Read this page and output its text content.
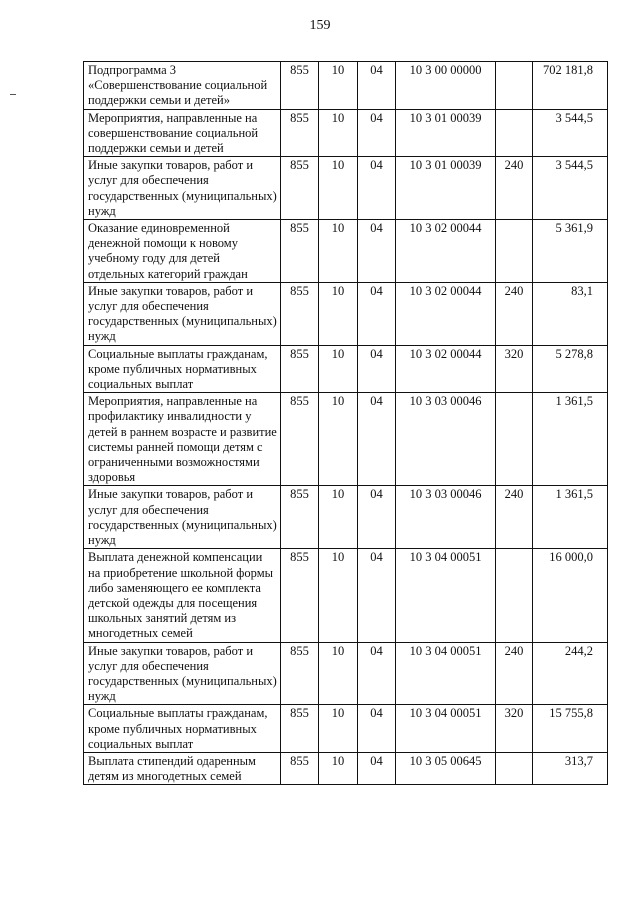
159
Подпрограмма 3 «Совершенствование социальной поддержки семьи и детей»	855	10	04	10 3 00 00000		702 181,8
Мероприятия, направленные на совершенствование социальной поддержки семьи и детей	855	10	04	10 3 01 00039		3 544,5
Иные закупки товаров, работ и услуг для обеспечения государственных (муниципальных) нужд	855	10	04	10 3 01 00039	240	3 544,5
Оказание единовременной денежной помощи к новому учебному году для детей отдельных категорий граждан	855	10	04	10 3 02 00044		5 361,9
Иные закупки товаров, работ и услуг для обеспечения государственных (муниципальных) нужд	855	10	04	10 3 02 00044	240	83,1
Социальные выплаты гражданам, кроме публичных нормативных социальных выплат	855	10	04	10 3 02 00044	320	5 278,8
Мероприятия, направленные на профилактику инвалидности у детей в раннем возрасте и развитие системы ранней помощи детям с ограниченными возможностями здоровья	855	10	04	10 3 03 00046		1 361,5
Иные закупки товаров, работ и услуг для обеспечения государственных (муниципальных) нужд	855	10	04	10 3 03 00046	240	1 361,5
Выплата денежной компенсации на приобретение школьной формы либо заменяющего ее комплекта детской одежды для посещения школьных занятий детям из многодетных семей	855	10	04	10 3 04 00051		16 000,0
Иные закупки товаров, работ и услуг для обеспечения государственных (муниципальных) нужд	855	10	04	10 3 04 00051	240	244,2
Социальные выплаты гражданам, кроме публичных нормативных социальных выплат	855	10	04	10 3 04 00051	320	15 755,8
Выплата стипендий одаренным детям из многодетных семей	855	10	04	10 3 05 00645		313,7
